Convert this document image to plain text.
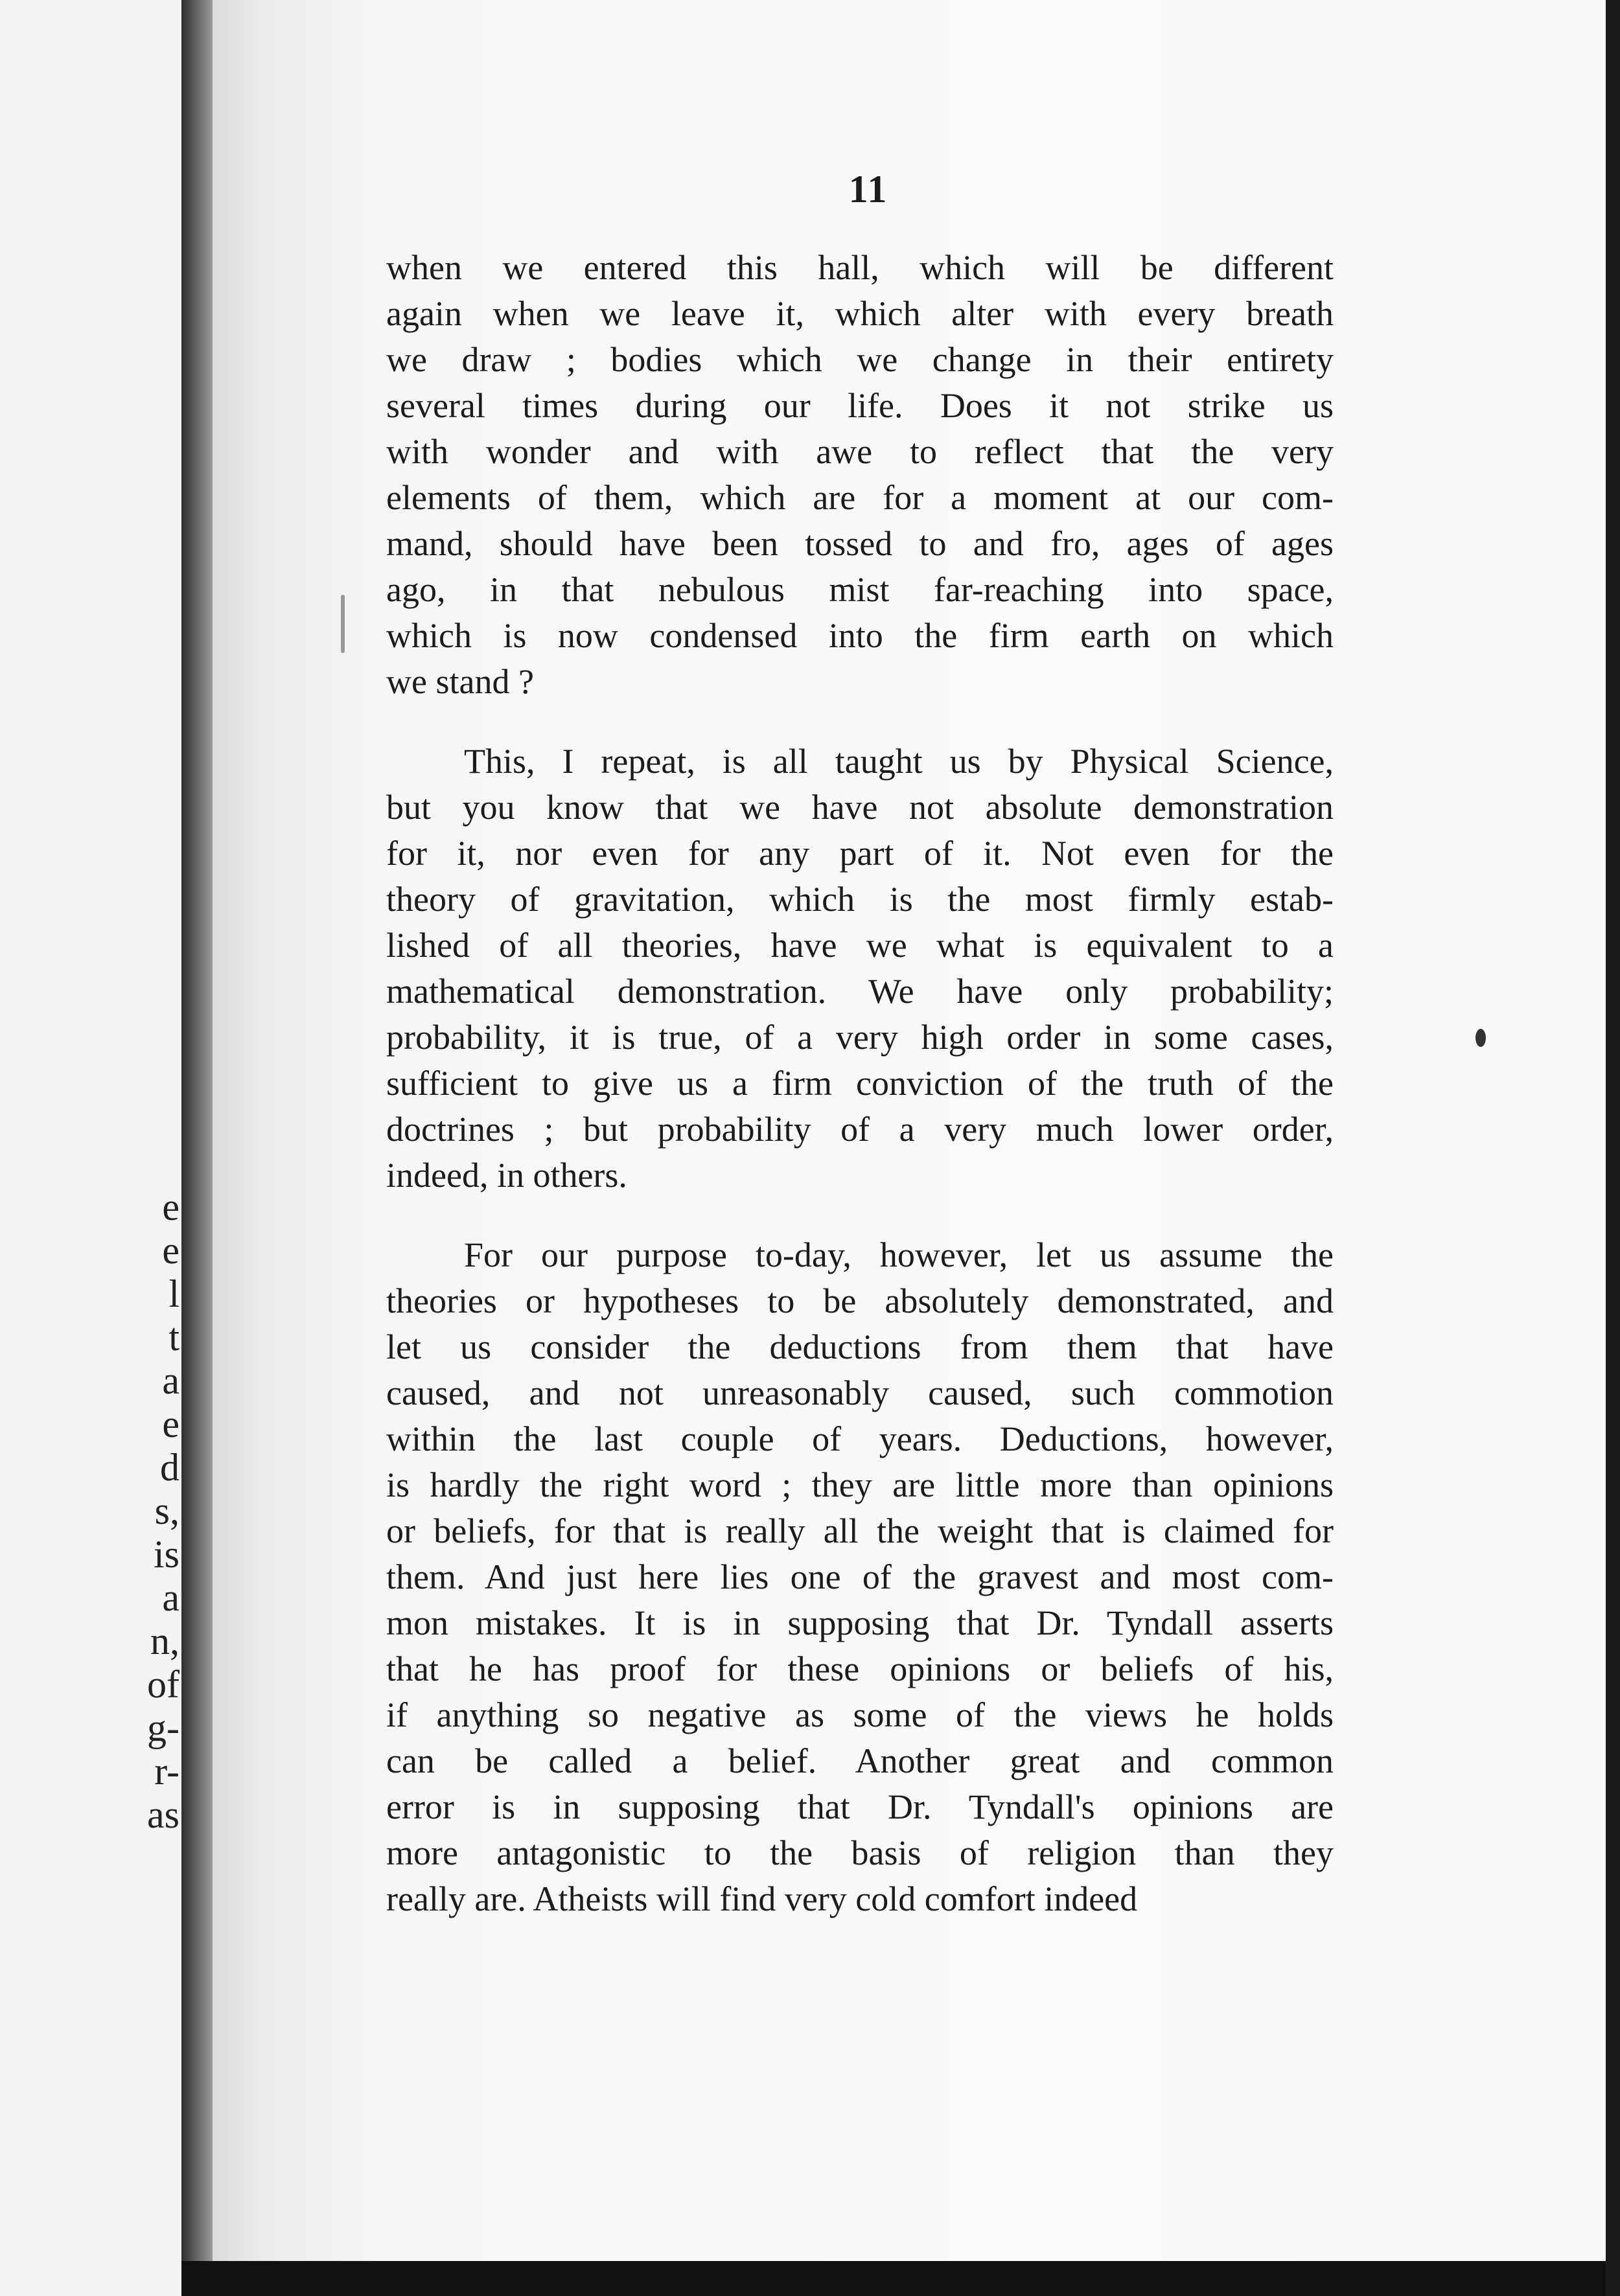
e
e
l
t
a
e
d
s,
is
a
n,
of
g-
r-
as
11
when we entered this hall, which will be different
again when we leave it, which alter with every breath
we draw ; bodies which we change in their entirety
several times during our life. Does it not strike us
with wonder and with awe to reflect that the very
elements of them, which are for a moment at our com-
mand, should have been tossed to and fro, ages of ages
ago, in that nebulous mist far-reaching into space,
which is now condensed into the firm earth on which
we stand ?
This, I repeat, is all taught us by Physical Science,
but you know that we have not absolute demonstration
for it, nor even for any part of it. Not even for the
theory of gravitation, which is the most firmly estab-
lished of all theories, have we what is equivalent to a
mathematical demonstration. We have only probability;
probability, it is true, of a very high order in some cases,
sufficient to give us a firm conviction of the truth of the
doctrines ; but probability of a very much lower order,
indeed, in others.
For our purpose to-day, however, let us assume the
theories or hypotheses to be absolutely demonstrated, and
let us consider the deductions from them that have
caused, and not unreasonably caused, such commotion
within the last couple of years. Deductions, however,
is hardly the right word ; they are little more than opinions
or beliefs, for that is really all the weight that is claimed for
them. And just here lies one of the gravest and most com-
mon mistakes. It is in supposing that Dr. Tyndall asserts
that he has proof for these opinions or beliefs of his,
if anything so negative as some of the views he holds
can be called a belief. Another great and common
error is in supposing that Dr. Tyndall's opinions are
more antagonistic to the basis of religion than they
really are. Atheists will find very cold comfort indeed
